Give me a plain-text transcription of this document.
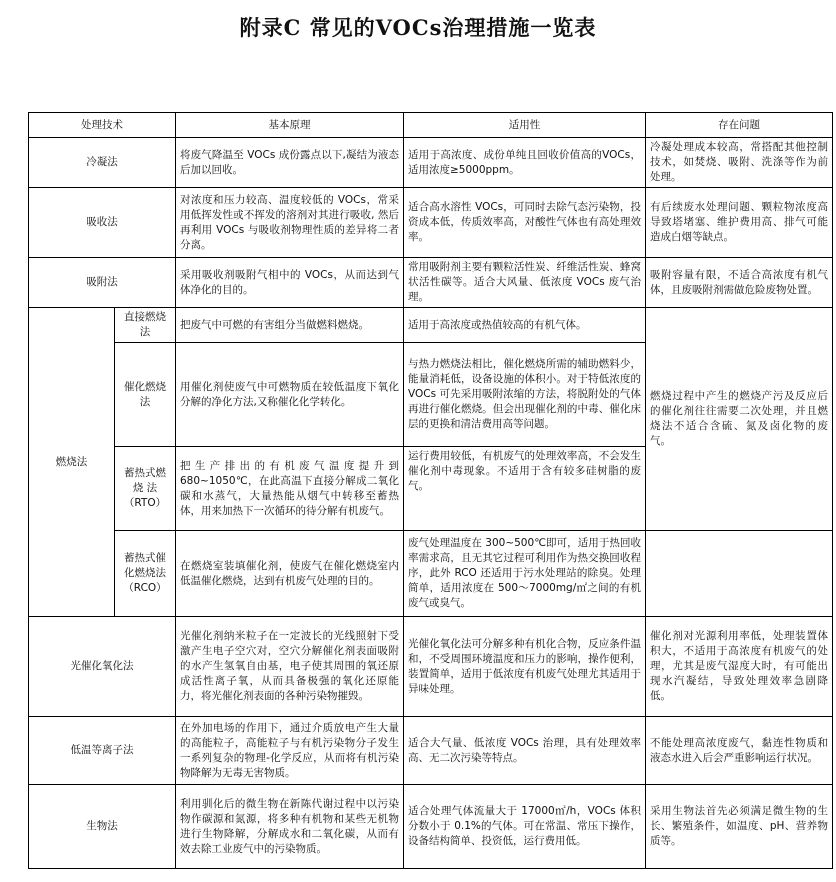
附录C 常见的VOCs治理措施一览表
处理技术		基本原理	适用性	存在问题
冷凝法		将废气降温至 VOCs 成份露点以下,凝结为液态后加以回收。	适用于高浓度、成份单纯且回收价值高的VOCs，适用浓度≥5000ppm。	冷凝处理成本较高，常搭配其他控制技术，如焚烧、吸附、洗涤等作为前处理。
吸收法		对浓度和压力较高、温度较低的 VOCs，常采用低挥发性或不挥发的溶剂对其进行吸收, 然后再利用 VOCs 与吸收剂物理性质的差异将二者分离。	适合高水溶性 VOCs，可同时去除气态污染物，投资成本低，传质效率高，对酸性气体也有高处理效率。	有后续废水处理问题、颗粒物浓度高导致塔堵塞、维护费用高、排气可能造成白烟等缺点。
吸附法		采用吸收剂吸附气相中的 VOCs，从而达到气体净化的目的。	常用吸附剂主要有颗粒活性炭、纤维活性炭、蜂窝状活性碳等。适合大风量、低浓度 VOCs 废气治理。	吸附容量有限，不适合高浓度有机气体，且废吸附剂需做危险废物处置。
燃烧法	直接燃烧法	把废气中可燃的有害组分当做燃料燃烧。	适用于高浓度或热值较高的有机气体。	燃烧过程中产生的燃烧产污及反应后的催化剂往往需要二次处理，并且燃烧法不适合含硫、氮及卤化物的废气。
	催化燃烧法	用催化剂使废气中可燃物质在较低温度下氧化分解的净化方法,又称催化化学转化。	与热力燃烧法相比，催化燃烧所需的辅助燃料少，能量消耗低，设备设施的体积小。对于特低浓度的 VOCs 可先采用吸附浓缩的方法，将脱附处的气体再进行催化燃烧。但会出现催化剂的中毒、催化床层的更换和清洁费用高等问题。	
	蓄热式燃烧 法（RTO）	把生产排出的有机废气温度提升到 680~1050℃，在此高温下直接分解成二氧化碳和水蒸气，大量热能从烟气中转移至蓄热体，用来加热下一次循环的待分解有机废气。	运行费用较低，有机废气的处理效率高，不会发生催化剂中毒现象。不适用于含有较多硅树脂的废气。	
	蓄热式催化燃烧法（RCO）	在燃烧室装填催化剂，使废气在催化燃烧室内低温催化燃烧，达到有机废气处理的目的。	废气处理温度在 300~500℃即可，适用于热回收率需求高，且无其它过程可利用作为热交换回收程序，此外 RCO 还适用于污水处理站的除臭。处理简单，适用浓度在 500～7000mg/㎡之间的有机废气或臭气。	
光催化氧化法		光催化剂纳米粒子在一定波长的光线照射下受激产生电子空穴对，空穴分解催化剂表面吸附的水产生氢氧自由基，电子使其周围的氧还原成活性离子氧，从而具备极强的氧化还原能力，将光催化剂表面的各种污染物摧毁。	光催化氧化法可分解多种有机化合物，反应条件温和，不受周围环境温度和压力的影响，操作便利，装置简单，适用于低浓度有机废气处理尤其适用于异味处理。	催化剂对光源利用率低，处理装置体积大，不适用于高浓度有机废气的处理，尤其是废气湿度大时，有可能出现水汽凝结，导致处理效率急剧降低。
低温等离子法		在外加电场的作用下，通过介质放电产生大量的高能粒子，高能粒子与有机污染物分子发生一系列复杂的物理-化学反应，从而将有机污染物降解为无毒无害物质。	适合大气量、低浓度 VOCs 治理，具有处理效率高、无二次污染等特点。	不能处理高浓度废气，黏连性物质和液态水进入后会严重影响运行状况。
生物法		利用驯化后的微生物在新陈代谢过程中以污染物作碳源和氮源，将多种有机物和某些无机物进行生物降解，分解成水和二氧化碳，从而有效去除工业废气中的污染物质。	适合处理气体流量大于 17000㎡/h，VOCs 体积分数小于 0.1%的气体。可在常温、常压下操作，设备结构简单、投资低，运行费用低。	采用生物法首先必须满足微生物的生长、繁殖条件，如温度、pH、营养物质等。
